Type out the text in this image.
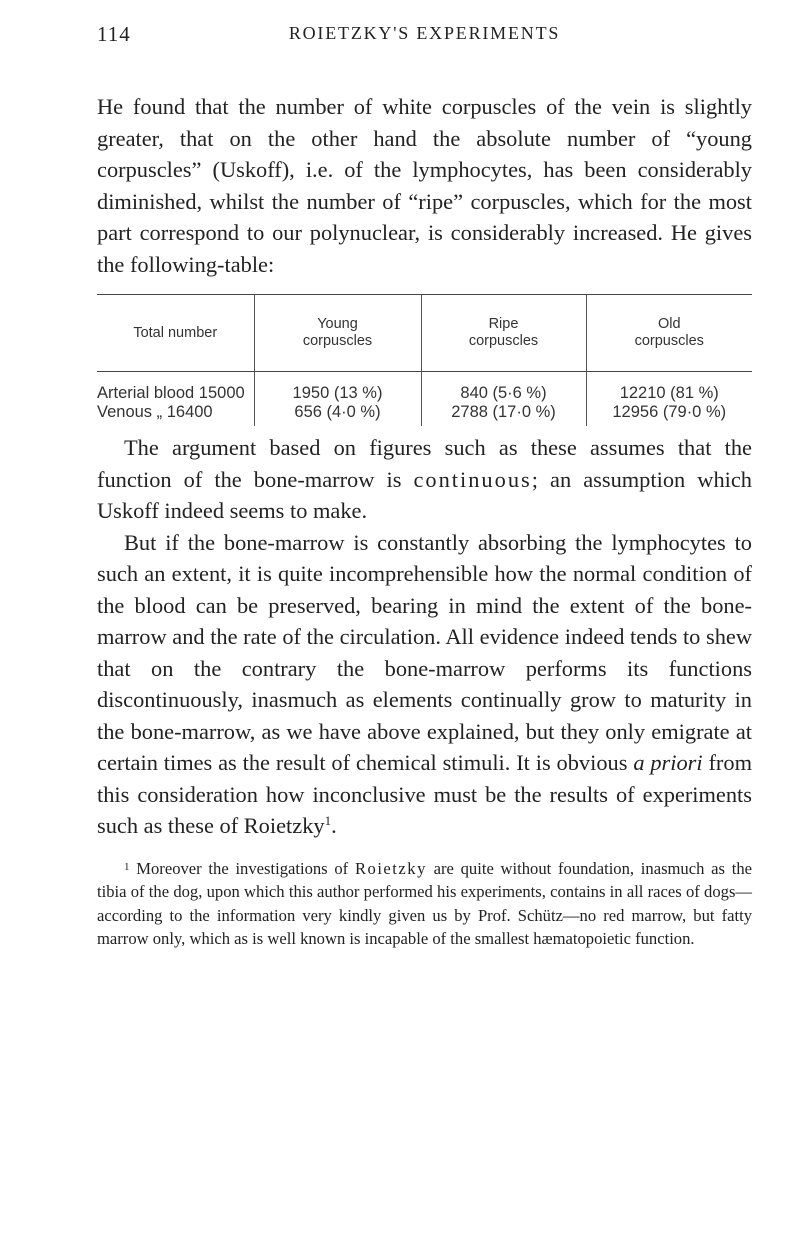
114	ROIETZKY'S EXPERIMENTS

He found that the number of white corpuscles of the vein is slightly greater, that on the other hand the absolute number of “young corpuscles” (Uskoff), i.e. of the lymphocytes, has been considerably diminished, whilst the number of “ripe” corpuscles, which for the most part correspond to our polynuclear, is considerably increased. He gives the following-table:

Total number	Young corpuscles	Ripe corpuscles	Old corpuscles

Arterial blood 15000	1950 (13 %)	840 (5·6 %)	12210 (81 %)
Venous „ 16400	656 (4·0 %)	2788 (17·0 %)	12956 (79·0 %)

The argument based on figures such as these assumes that the function of the bone-marrow is continuous; an assumption which Uskoff indeed seems to make.

But if the bone-marrow is constantly absorbing the lymphocytes to such an extent, it is quite incomprehensible how the normal condition of the blood can be preserved, bearing in mind the extent of the bone-marrow and the rate of the circulation. All evidence indeed tends to shew that on the contrary the bone-marrow performs its functions discontinuously, inasmuch as elements continually grow to maturity in the bone-marrow, as we have above explained, but they only emigrate at certain times as the result of chemical stimuli. It is obvious a priori from this consideration how inconclusive must be the results of experiments such as these of Roietzky$^1$.

$^1$ Moreover the investigations of Roietzky are quite without foundation, inasmuch as the tibia of the dog, upon which this author performed his experiments, contains in all races of dogs—according to the information very kindly given us by Prof. Schütz—no red marrow, but fatty marrow only, which as is well known is incapable of the smallest hæmatopoietic function.
